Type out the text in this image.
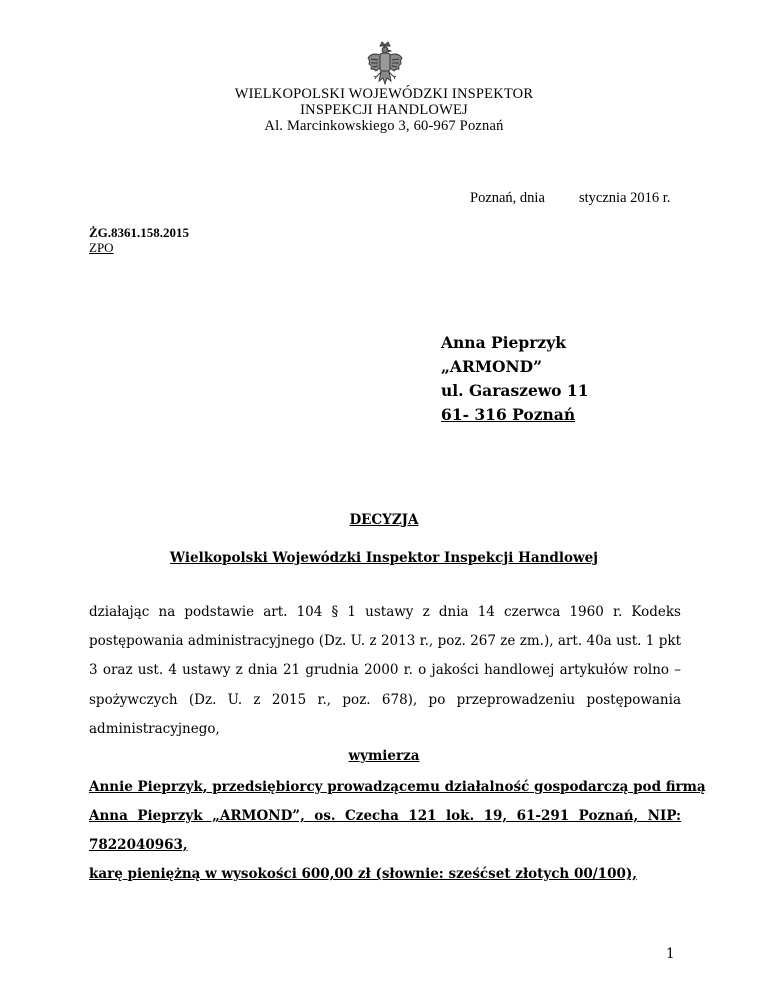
WIELKOPOLSKI WOJEWÓDZKI INSPEKTOR
INSPEKCJI HANDLOWEJ
Al. Marcinkowskiego 3, 60-967 Poznań
Poznań, dnia stycznia 2016 r.
ŻG.8361.158.2015
ZPO
Anna Pieprzyk
„ARMOND”
ul. Garaszewo 11
61- 316 Poznań
DECYZJA
Wielkopolski Wojewódzki Inspektor Inspekcji Handlowej
działając na podstawie art. 104 § 1 ustawy z dnia 14 czerwca 1960 r. Kodeks
postępowania administracyjnego (Dz. U. z 2013 r., poz. 267 ze zm.), art. 40a ust. 1 pkt
3 oraz ust. 4 ustawy z dnia 21 grudnia 2000 r. o jakości handlowej artykułów rolno –
spożywczych (Dz. U. z 2015 r., poz. 678), po przeprowadzeniu postępowania
administracyjnego,
wymierza
Annie Pieprzyk, przedsiębiorcy prowadzącemu działalność gospodarczą pod firmą
Anna Pieprzyk „ARMOND”, os. Czecha 121 lok. 19, 61-291 Poznań, NIP:
7822040963,
karę pieniężną w wysokości 600,00 zł (słownie: sześćset złotych 00/100),
1
